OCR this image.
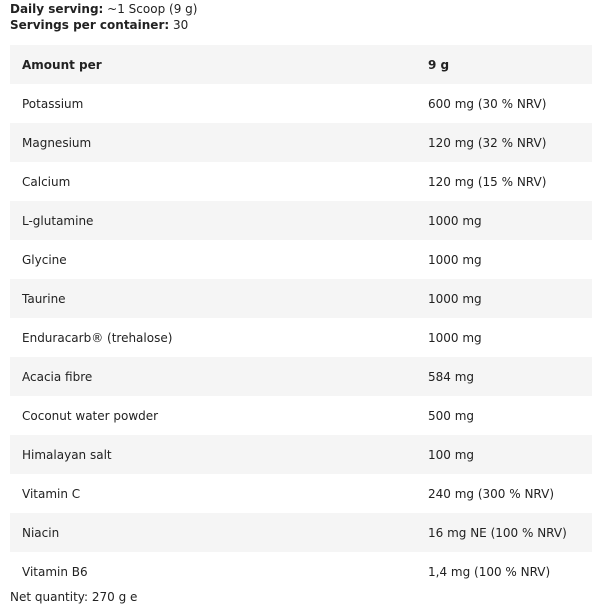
Daily serving: ~1 Scoop (9 g)
Servings per container: 30
Amount per	9 g
Potassium	600 mg (30 % NRV)
Magnesium	120 mg (32 % NRV)
Calcium	120 mg (15 % NRV)
L-glutamine	1000 mg
Glycine	1000 mg
Taurine	1000 mg
Enduracarb® (trehalose)	1000 mg
Acacia fibre	584 mg
Coconut water powder	500 mg
Himalayan salt	100 mg
Vitamin C	240 mg (300 % NRV)
Niacin	16 mg NE (100 % NRV)
Vitamin B6	1,4 mg (100 % NRV)
Net quantity: 270 g e
